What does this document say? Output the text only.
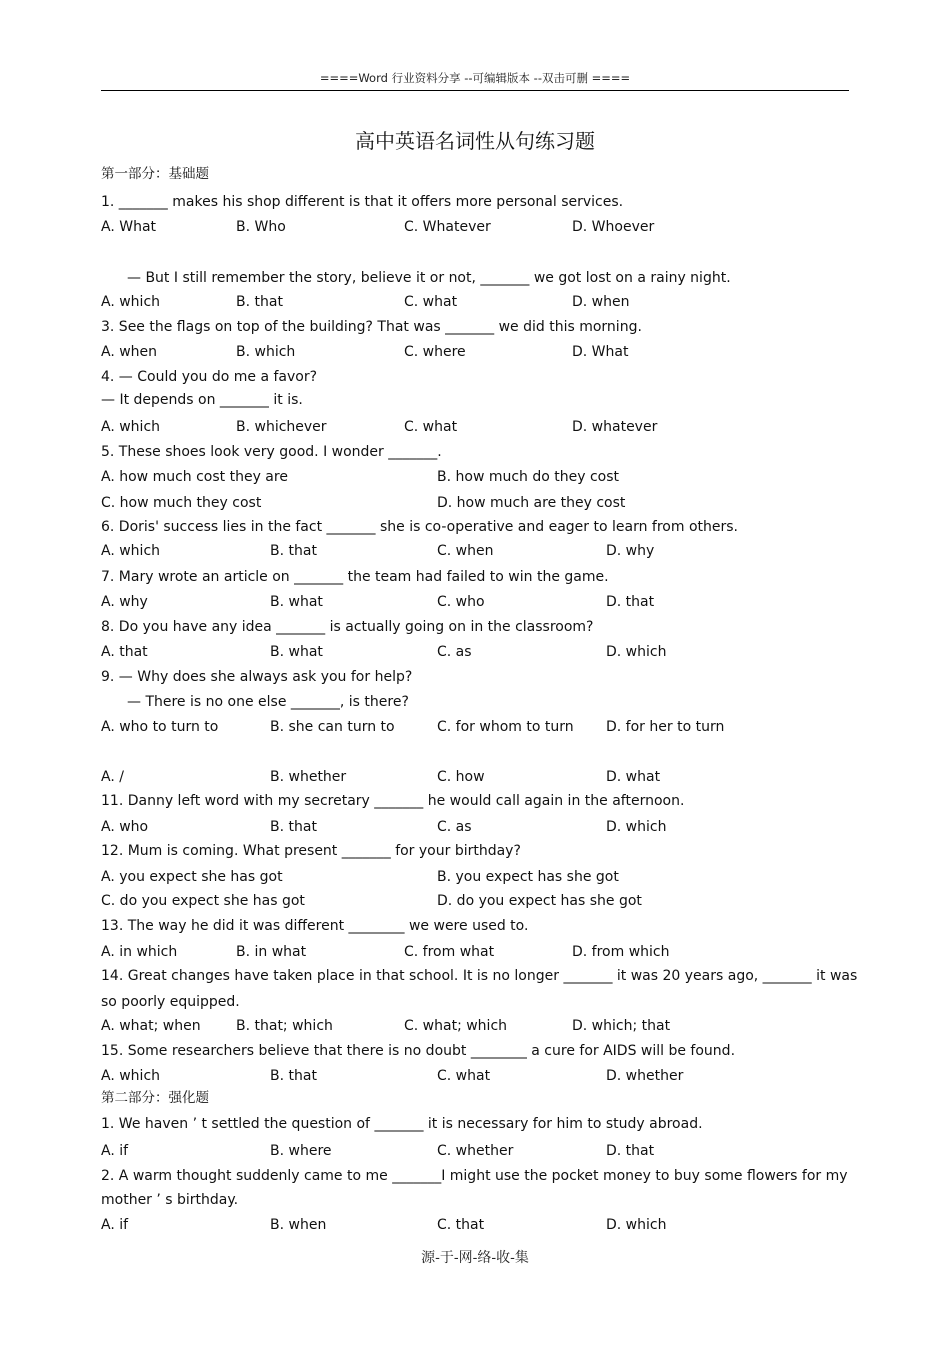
====Word 行业资料分享 --可编辑版本 --双击可删 ====
高中英语名词性从句练习题
第一部分：基础题
1. _______ makes his shop different is that it offers more personal services.
A. What	B. Who	C. Whatever	D. Whoever
— But I still remember the story, believe it or not, _______ we got lost on a rainy night.
A. which	B. that	C. what	D. when
3. See the flags on top of the building? That was _______ we did this morning.
A. when	B. which	C. where	D. What
4. — Could you do me a favor?
— It depends on _______ it is.
A. which	B. whichever	C. what	D. whatever
5. These shoes look very good. I wonder _______.
A. how much cost they are	B. how much do they cost
C. how much they cost	D. how much are they cost
6. Doris' success lies in the fact _______ she is co-operative and eager to learn from others.
A. which	B. that	C. when	D. why
7. Mary wrote an article on _______ the team had failed to win the game.
A. why	B. what	C. who	D. that
8. Do you have any idea _______ is actually going on in the classroom?
A. that	B. what	C. as	D. which
9. — Why does she always ask you for help?
— There is no one else _______, is there?
A. who to turn to	B. she can turn to	C. for whom to turn D. for her to turn
A. /	B. whether	C. how	D. what
11. Danny left word with my secretary _______ he would call again in the afternoon.
A. who	B. that	C. as	D. which
12. Mum is coming. What present _______ for your birthday?
A. you expect she has got	B. you expect has she got
C. do you expect she has got	D. do you expect has she got
13. The way he did it was different ________ we were used to.
A. in which	B. in what	C. from what	D. from which
14. Great changes have taken place in that school. It is no longer _______ it was 20 years ago, _______ it was
so poorly equipped.
A. what; when	B. that; which	C. what; which	D. which; that
15. Some researchers believe that there is no doubt ________ a cure for AIDS will be found.
A. which	B. that	C. what	D. whether
第二部分：强化题
1. We haven ’ t settled the question of _______ it is necessary for him to study abroad.
A. if	B. where	C. whether	D. that
2. A warm thought suddenly came to me _______I might use the pocket money to buy some flowers for my
mother ’ s birthday.
A. if	B. when	C. that	D. which
源-于-网-络-收-集
